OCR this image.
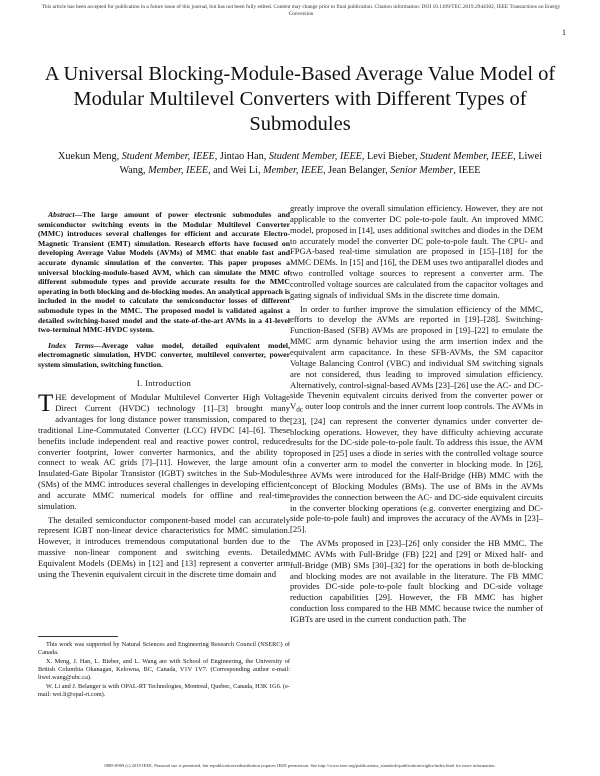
This article has been accepted for publication in a future issue of this journal, but has not been fully edited. Content may change prior to final publication. Citation information: DOI 10.1109/TEC.2019.2944302, IEEE Transactions on Energy Conversion
1
A Universal Blocking-Module-Based Average Value Model of Modular Multilevel Converters with Different Types of Submodules
Xuekun Meng, Student Member, IEEE, Jintao Han, Student Member, IEEE, Levi Bieber, Student Member, IEEE, Liwei Wang, Member, IEEE, and Wei Li, Member, IEEE, Jean Belanger, Senior Member, IEEE

Abstract—The large amount of power electronic submodules and semiconductor switching events in the Modular Multilevel Converter (MMC) introduces several challenges for efficient and accurate Electro-Magnetic Transient (EMT) simulation. Research efforts have focused on developing Average Value Models (AVMs) of MMC that enable fast and accurate dynamic simulation of the converter. This paper proposes a universal blocking-module-based AVM, which can simulate the MMC of different submodule types and provide accurate results for the MMC operating in both blocking and de-blocking modes. An analytical approach is included in the model to calculate the semiconductor losses of different submodule types in the MMC. The proposed model is validated against a detailed switching-based model and the state-of-the-art AVMs in a 41-level two-terminal MMC-HVDC system.

Index Terms—Average value model, detailed equivalent model, electromagnetic simulation, HVDC converter, multilevel converter, power system simulation, switching function.

I. Introduction

THE development of Modular Multilevel Converter High Voltage Direct Current (HVDC) technology [1]–[3] brought many advantages for long distance power transmission, compared to the traditional Line-Commutated Converter (LCC) HVDC [4]–[6]. These benefits include independent real and reactive power control, reduced converter footprint, lower converter harmonics, and the ability to connect to weak AC grids [7]–[11]. However, the large amount of Insulated-Gate Bipolar Transistor (IGBT) switches in the Sub-Modules (SMs) of the MMC introduces several challenges in developing efficient and accurate MMC numerical models for offline and real-time simulation.

The detailed semiconductor component-based model can accurately represent IGBT non-linear device characteristics for MMC simulation. However, it introduces tremendous computational burden due to the massive non-linear component and switching events. Detailed Equivalent Models (DEMs) in [12] and [13] represent a converter arm using the Thevenin equivalent circuit in the discrete time domain and

greatly improve the overall simulation efficiency. However, they are not applicable to the converter DC pole-to-pole fault. An improved MMC model, proposed in [14], uses additional switches and diodes in the DEM to accurately model the converter DC pole-to-pole fault. The CPU- and FPGA-based real-time simulation are proposed in [15]–[18] for the MMC DEMs. In [15] and [16], the DEM uses two antiparallel diodes and two controlled voltage sources to represent a converter arm. The controlled voltage sources are calculated from the capacitor voltages and gating signals of individual SMs in the discrete time domain.

In order to further improve the simulation efficiency of the MMC, efforts to develop the AVMs are reported in [19]–[28]. Switching-Function-Based (SFB) AVMs are proposed in [19]–[22] to emulate the MMC arm dynamic behavior using the arm insertion index and the equivalent arm capacitance. In these SFB-AVMs, the SM capacitor Voltage Balancing Control (VBC) and individual SM switching signals are not considered, thus leading to improved simulation efficiency. Alternatively, control-signal-based AVMs [23]–[26] use the AC- and DC-side Thevenin equivalent circuits derived from the converter power or $V_{dc}$ outer loop controls and the inner current loop controls. The AVMs in [23], [24] can represent the converter dynamics under converter de-blocking operations. However, they have difficulty achieving accurate results for the DC-side pole-to-pole fault. To address this issue, the AVM proposed in [25] uses a diode in series with the controlled voltage source in a converter arm to model the converter in blocking mode. In [26], three AVMs were introduced for the Half-Bridge (HB) MMC with the concept of Blocking Modules (BMs). The use of BMs in the AVMs provides the connection between the AC- and DC-side equivalent circuits in the converter blocking operations (e.g. converter energizing and DC-side pole-to-pole fault) and improves the accuracy of the AVMs in [23]–[25].

The AVMs proposed in [23]–[26] only consider the HB MMC. The MMC AVMs with Full-Bridge (FB) [22] and [29] or Mixed half- and full-Bridge (MB) SMs [30]–[32] for the operations in both de-blocking and blocking modes are not available in the literature. The FB MMC provides DC-side pole-to-pole fault blocking and DC-side voltage reduction capabilities [29]. However, the FB MMC has higher conduction loss compared to the HB MMC because twice the number of IGBTs are used in the current conduction path. The

This work was supported by Natural Sciences and Engineering Research Council (NSERC) of Canada.

X. Meng, J. Han, L. Bieber, and L. Wang are with School of Engineering, the University of British Columbia Okanagan, Kelowna, BC, Canada, V1V 1V7. (Corresponding author e-mail: liwei.wang@ubc.ca).

W. Li and J. Belanger is with OPAL-RT Technologies, Montreal, Quebec, Canada, H3K 1G6. (e-mail: wei.li@opal-rt.com).

0885-8969 (c) 2019 IEEE. Personal use is permitted, but republication/redistribution requires IEEE permission. See http://www.ieee.org/publications_standards/publications/rights/index.html for more information.
